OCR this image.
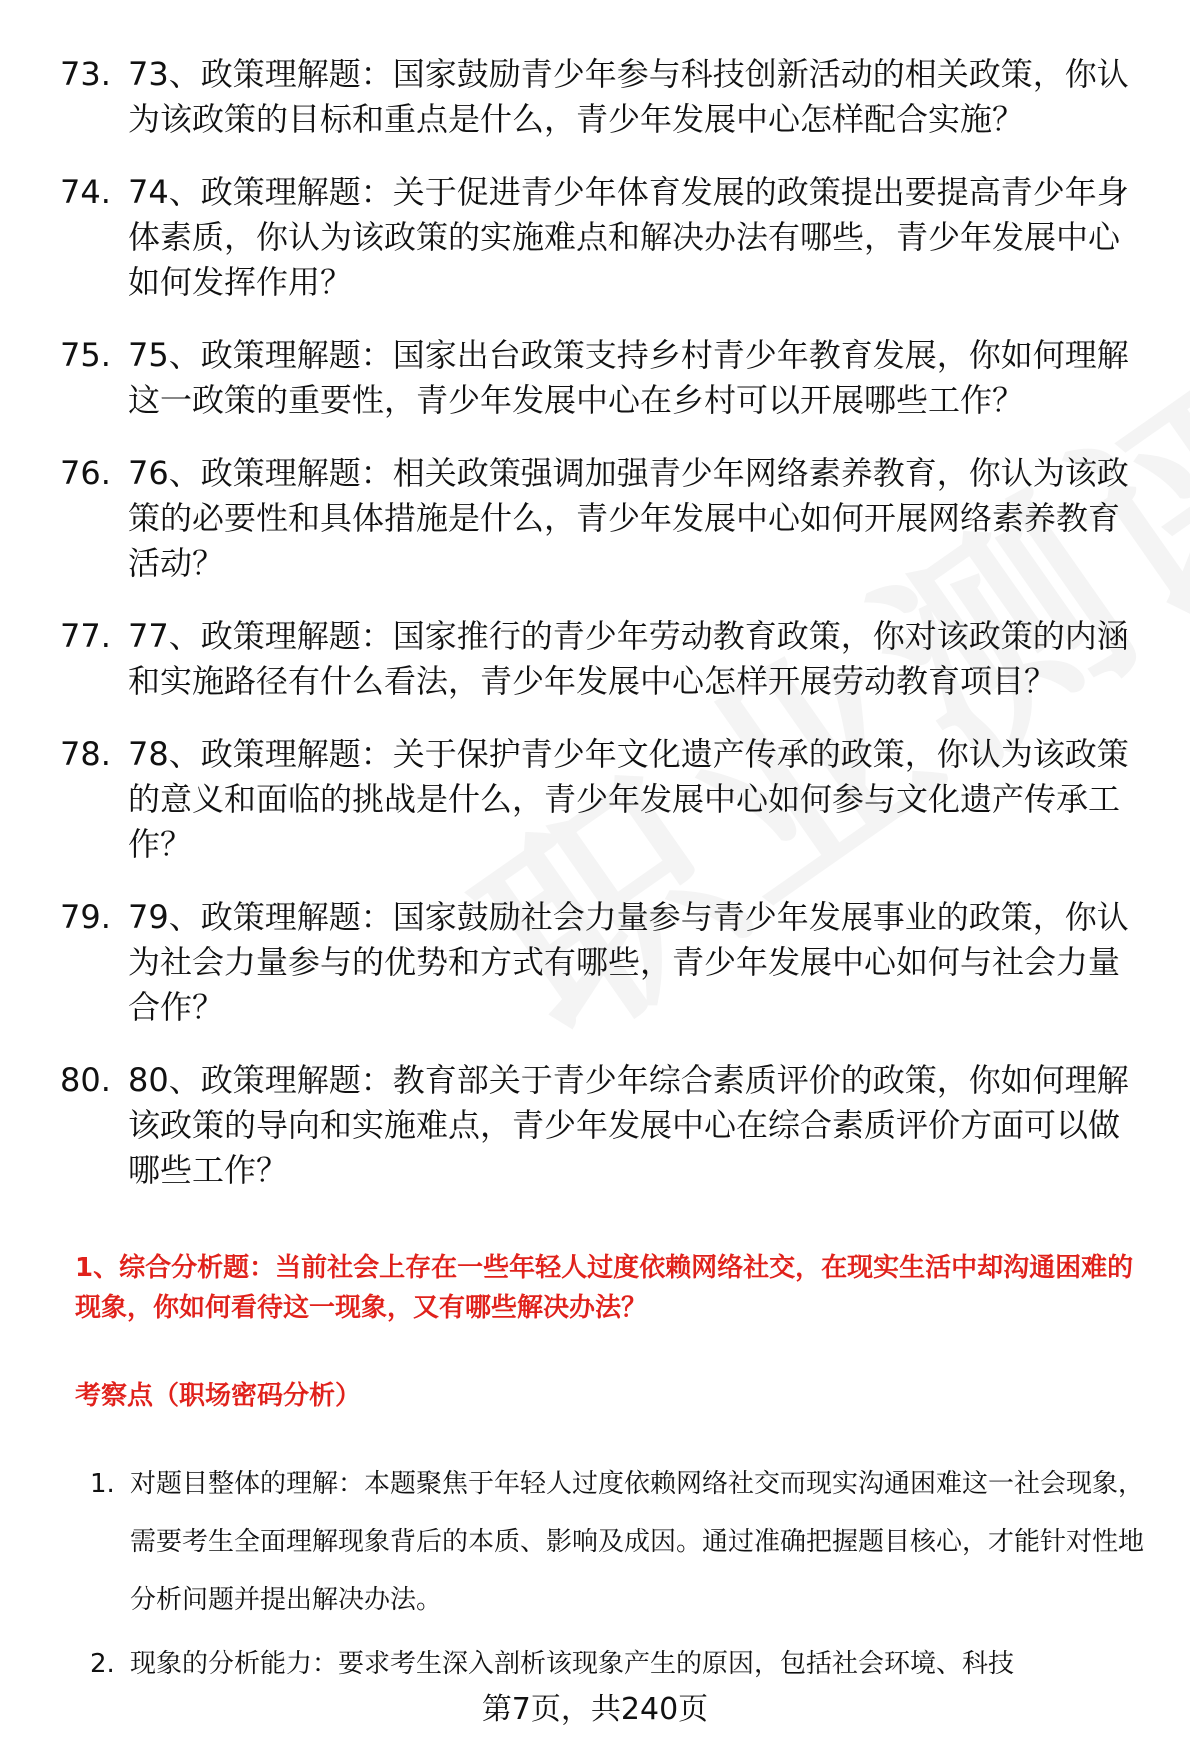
73. 73、政策理解题：国家鼓励青少年参与科技创新活动的相关政策，你认为该政策的目标和重点是什么，青少年发展中心怎样配合实施？
74. 74、政策理解题：关于促进青少年体育发展的政策提出要提高青少年身体素质，你认为该政策的实施难点和解决办法有哪些，青少年发展中心如何发挥作用？
75. 75、政策理解题：国家出台政策支持乡村青少年教育发展，你如何理解这一政策的重要性，青少年发展中心在乡村可以开展哪些工作？
76. 76、政策理解题：相关政策强调加强青少年网络素养教育，你认为该政策的必要性和具体措施是什么，青少年发展中心如何开展网络素养教育活动？
77. 77、政策理解题：国家推行的青少年劳动教育政策，你对该政策的内涵和实施路径有什么看法，青少年发展中心怎样开展劳动教育项目？
78. 78、政策理解题：关于保护青少年文化遗产传承的政策，你认为该政策的意义和面临的挑战是什么，青少年发展中心如何参与文化遗产传承工作？
79. 79、政策理解题：国家鼓励社会力量参与青少年发展事业的政策，你认为社会力量参与的优势和方式有哪些，青少年发展中心如何与社会力量合作？
80. 80、政策理解题：教育部关于青少年综合素质评价的政策，你如何理解该政策的导向和实施难点，青少年发展中心在综合素质评价方面可以做哪些工作？
1、综合分析题：当前社会上存在一些年轻人过度依赖网络社交，在现实生活中却沟通困难的现象，你如何看待这一现象，又有哪些解决办法？
考察点（职场密码分析）
1. 对题目整体的理解：本题聚焦于年轻人过度依赖网络社交而现实沟通困难这一社会现象，需要考生全面理解现象背后的本质、影响及成因。通过准确把握题目核心，才能针对性地分析问题并提出解决办法。
2. 现象的分析能力：要求考生深入剖析该现象产生的原因，包括社会环境、科技
第7页，共240页
